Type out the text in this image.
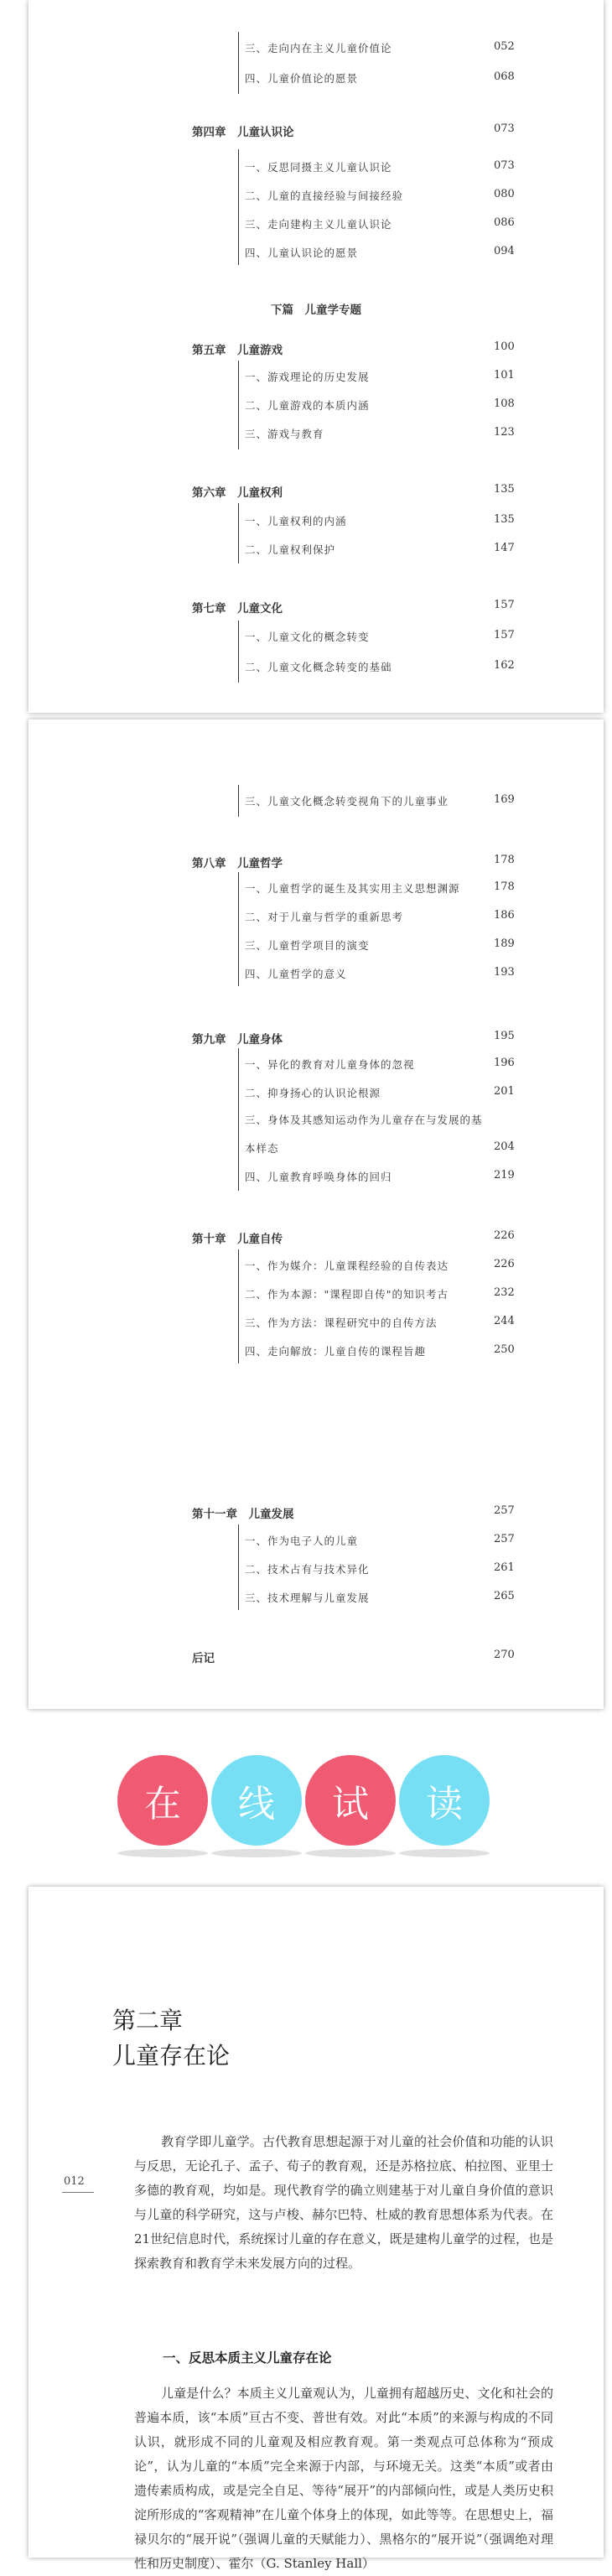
三、走向内在主义儿童价值论	052
四、儿童价值论的愿景	068
第四章　儿童认识论	073
一、反思同摄主义儿童认识论	073
二、儿童的直接经验与间接经验	080
三、走向建构主义儿童认识论	086
四、儿童认识论的愿景	094
下篇　儿童学专题
第五章　儿童游戏	100
一、游戏理论的历史发展	101
二、儿童游戏的本质内涵	108
三、游戏与教育	123
第六章　儿童权利	135
一、儿童权利的内涵	135
二、儿童权利保护	147
第七章　儿童文化	157
一、儿童文化的概念转变	157
二、儿童文化概念转变的基础	162
三、儿童文化概念转变视角下的儿童事业	169
第八章　儿童哲学	178
一、儿童哲学的诞生及其实用主义思想渊源	178
二、对于儿童与哲学的重新思考	186
三、儿童哲学项目的演变	189
四、儿童哲学的意义	193
第九章　儿童身体	195
一、异化的教育对儿童身体的忽视	196
二、抑身扬心的认识论根源	201
三、身体及其感知运动作为儿童存在与发展的基
本样态	204
四、儿童教育呼唤身体的回归	219
第十章　儿童自传	226
一、作为媒介：儿童课程经验的自传表达	226
二、作为本源："课程即自传"的知识考古	232
三、作为方法：课程研究中的自传方法	244
四、走向解放：儿童自传的课程旨趣	250
第十一章　儿童发展	257
一、作为电子人的儿童	257
二、技术占有与技术异化	261
三、技术理解与儿童发展	265
后记	270
在	线	试	读
第二章
儿童存在论
012
教育学即儿童学。古代教育思想起源于对儿童的社会价值和功能的认识与反思，无论孔子、孟子、荀子的教育观，还是苏格拉底、柏拉图、亚里士多德的教育观，均如是。现代教育学的确立则建基于对儿童自身价值的意识与儿童的科学研究，这与卢梭、赫尔巴特、杜威的教育思想体系为代表。在21世纪信息时代，系统探讨儿童的存在意义，既是建构儿童学的过程，也是探索教育和教育学未来发展方向的过程。
一、反思本质主义儿童存在论
儿童是什么？本质主义儿童观认为，儿童拥有超越历史、文化和社会的普遍本质，该“本质”亘古不变、普世有效。对此“本质”的来源与构成的不同认识，就形成不同的儿童观及相应教育观。第一类观点可总体称为“预成论”，认为儿童的“本质”完全来源于内部，与环境无关。这类“本质”或者由遗传素质构成，或是完全自足、等待“展开”的内部倾向性，或是人类历史积淀所形成的“客观精神”在儿童个体身上的体现，如此等等。在思想史上，福禄贝尔的“展开说”（强调儿童的天赋能力）、黑格尔的“展开说”（强调绝对理性和历史制度）、霍尔（G. Stanley Hall）
